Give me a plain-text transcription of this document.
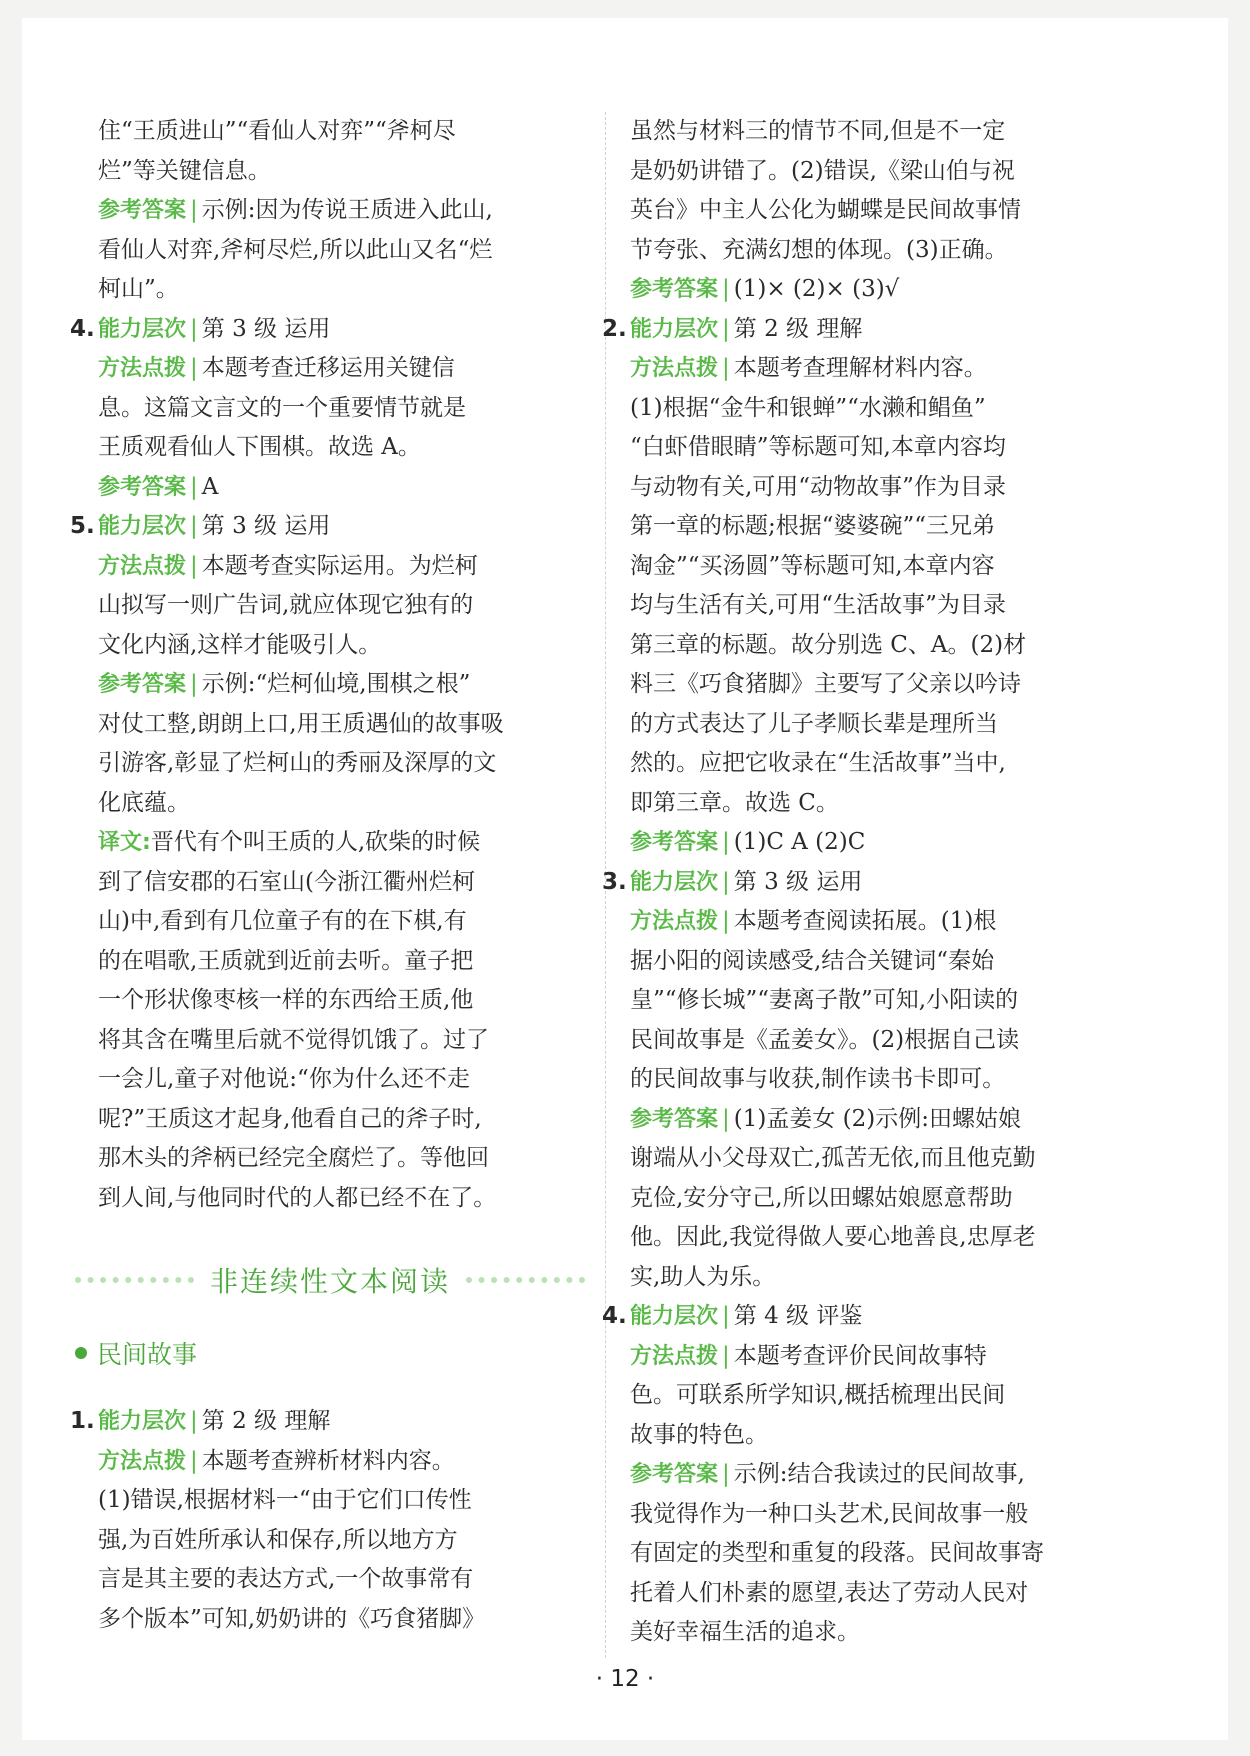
住“王质进山”“看仙人对弈”“斧柯尽
烂”等关键信息。
参考答案 | 示例:因为传说王质进入此山,
看仙人对弈,斧柯尽烂,所以此山又名“烂
柯山”。
4. 能力层次 | 第 3 级 运用
方法点拨 | 本题考查迁移运用关键信
息。这篇文言文的一个重要情节就是
王质观看仙人下围棋。故选 A。
参考答案 | A
5. 能力层次 | 第 3 级 运用
方法点拨 | 本题考查实际运用。为烂柯
山拟写一则广告词,就应体现它独有的
文化内涵,这样才能吸引人。
参考答案 | 示例:“烂柯仙境,围棋之根”
对仗工整,朗朗上口,用王质遇仙的故事吸
引游客,彰显了烂柯山的秀丽及深厚的文
化底蕴。
译文:晋代有个叫王质的人,砍柴的时候
到了信安郡的石室山(今浙江衢州烂柯
山)中,看到有几位童子有的在下棋,有
的在唱歌,王质就到近前去听。童子把
一个形状像枣核一样的东西给王质,他
将其含在嘴里后就不觉得饥饿了。过了
一会儿,童子对他说:“你为什么还不走
呢?”王质这才起身,他看自己的斧子时,
那木头的斧柄已经完全腐烂了。等他回
到人间,与他同时代的人都已经不在了。
非连续性文本阅读
民间故事
1. 能力层次 | 第 2 级 理解
方法点拨 | 本题考查辨析材料内容。
(1)错误,根据材料一“由于它们口传性
强,为百姓所承认和保存,所以地方方
言是其主要的表达方式,一个故事常有
多个版本”可知,奶奶讲的《巧食猪脚》
虽然与材料三的情节不同,但是不一定
是奶奶讲错了。(2)错误,《梁山伯与祝
英台》中主人公化为蝴蝶是民间故事情
节夸张、充满幻想的体现。(3)正确。
参考答案 | (1)× (2)× (3)√
2. 能力层次 | 第 2 级 理解
方法点拨 | 本题考查理解材料内容。
(1)根据“金牛和银蝉”“水濑和鲳鱼”
“白虾借眼睛”等标题可知,本章内容均
与动物有关,可用“动物故事”作为目录
第一章的标题;根据“婆婆碗”“三兄弟
淘金”“买汤圆”等标题可知,本章内容
均与生活有关,可用“生活故事”为目录
第三章的标题。故分别选 C、A。(2)材
料三《巧食猪脚》主要写了父亲以吟诗
的方式表达了儿子孝顺长辈是理所当
然的。应把它收录在“生活故事”当中,
即第三章。故选 C。
参考答案 | (1)C A (2)C
3. 能力层次 | 第 3 级 运用
方法点拨 | 本题考查阅读拓展。(1)根
据小阳的阅读感受,结合关键词“秦始
皇”“修长城”“妻离子散”可知,小阳读的
民间故事是《孟姜女》。(2)根据自己读
的民间故事与收获,制作读书卡即可。
参考答案 | (1)孟姜女 (2)示例:田螺姑娘
谢端从小父母双亡,孤苦无依,而且他克勤
克俭,安分守己,所以田螺姑娘愿意帮助
他。因此,我觉得做人要心地善良,忠厚老
实,助人为乐。
4. 能力层次 | 第 4 级 评鉴
方法点拨 | 本题考查评价民间故事特
色。可联系所学知识,概括梳理出民间
故事的特色。
参考答案 | 示例:结合我读过的民间故事,
我觉得作为一种口头艺术,民间故事一般
有固定的类型和重复的段落。民间故事寄
托着人们朴素的愿望,表达了劳动人民对
美好幸福生活的追求。
· 12 ·
